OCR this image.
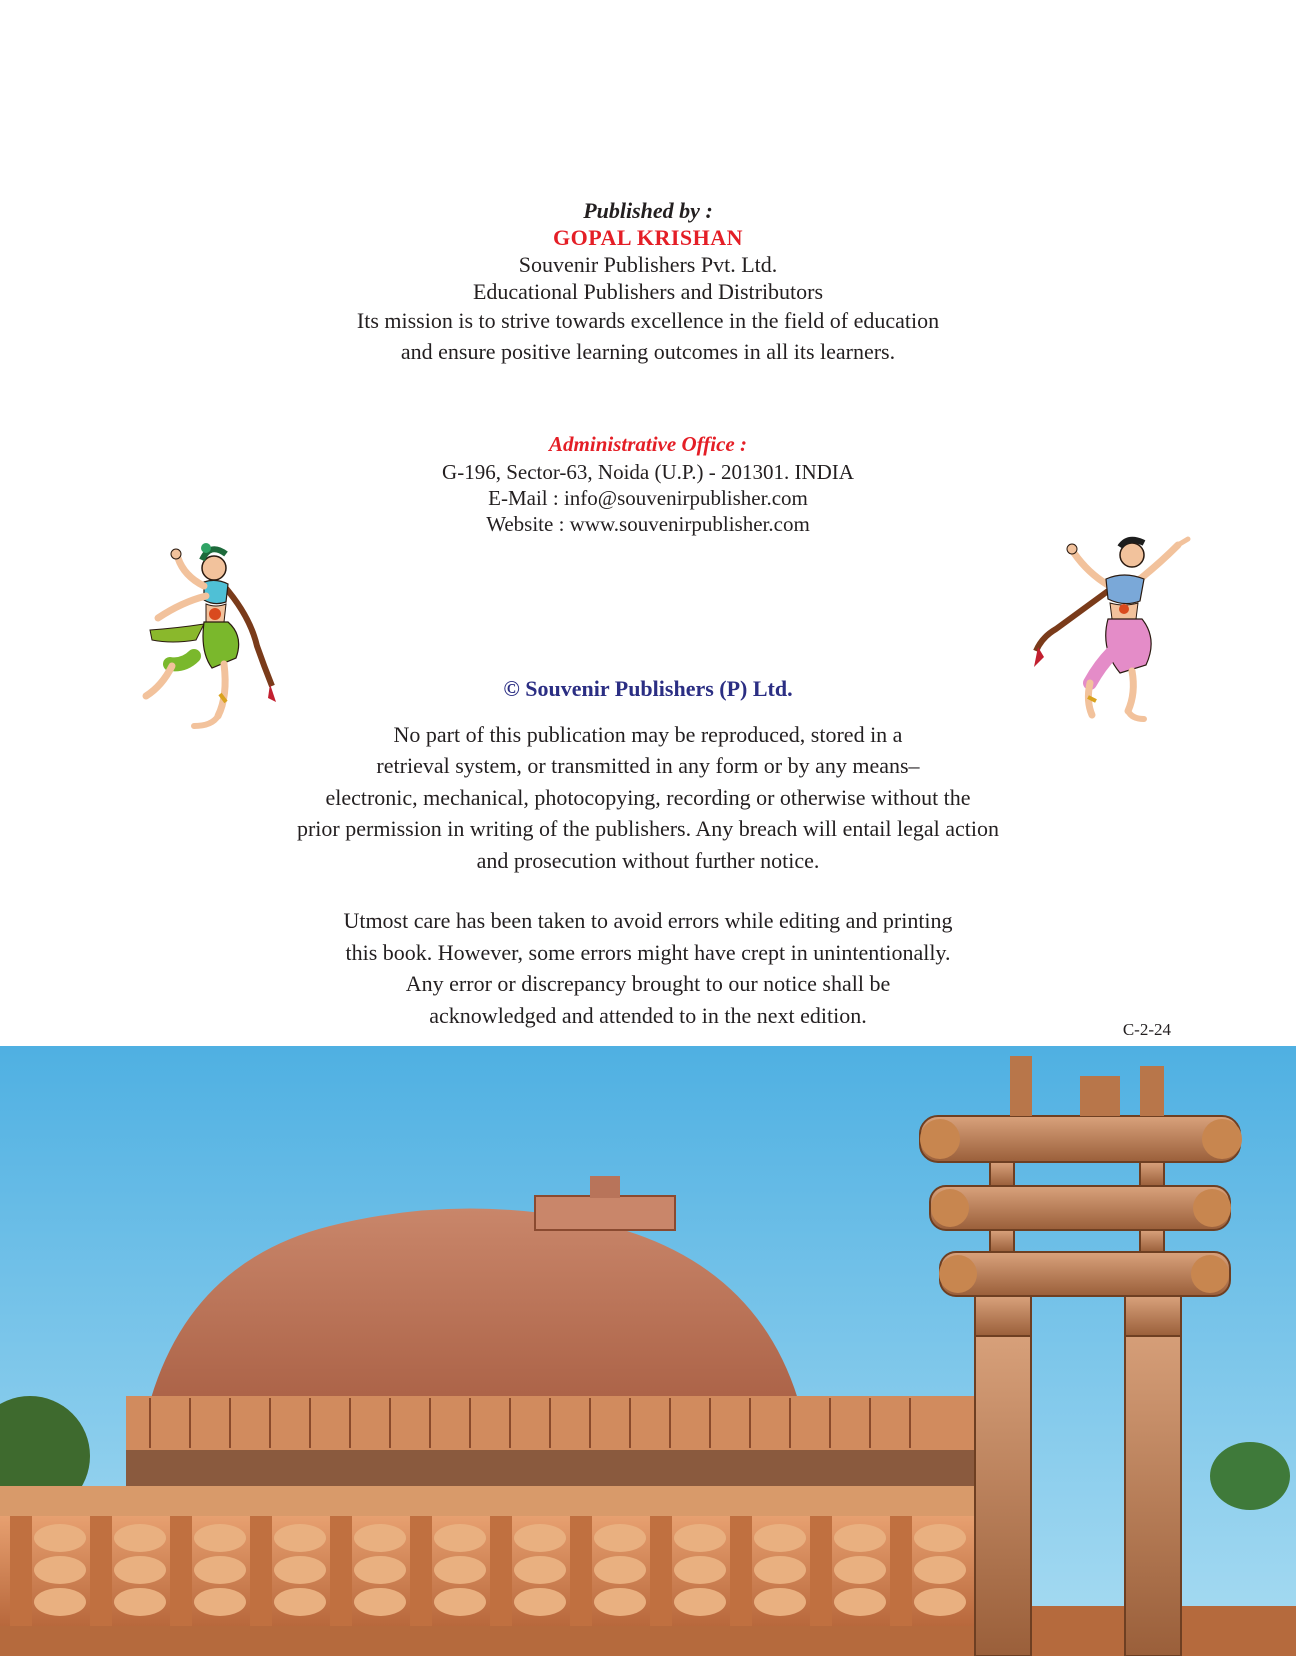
Published by :
GOPAL KRISHAN
Souvenir Publishers Pvt. Ltd.
Educational Publishers and Distributors
Its mission is to strive towards excellence in the field of education
and ensure positive learning outcomes in all its learners.
Administrative Office :
G-196, Sector-63, Noida (U.P.) - 201301. INDIA
E-Mail : info@souvenirpublisher.com
Website : www.souvenirpublisher.com
© Souvenir Publishers (P) Ltd.
No part of this publication may be reproduced, stored in a
retrieval system, or transmitted in any form or by any means–
electronic, mechanical, photocopying, recording or otherwise without the
prior permission in writing of the publishers. Any breach will entail legal action
and prosecution without further notice.
Utmost care has been taken to avoid errors while editing and printing
this book. However, some errors might have crept in unintentionally.
Any error or discrepancy brought to our notice shall be
acknowledged and attended to in the next edition.
C-2-24
